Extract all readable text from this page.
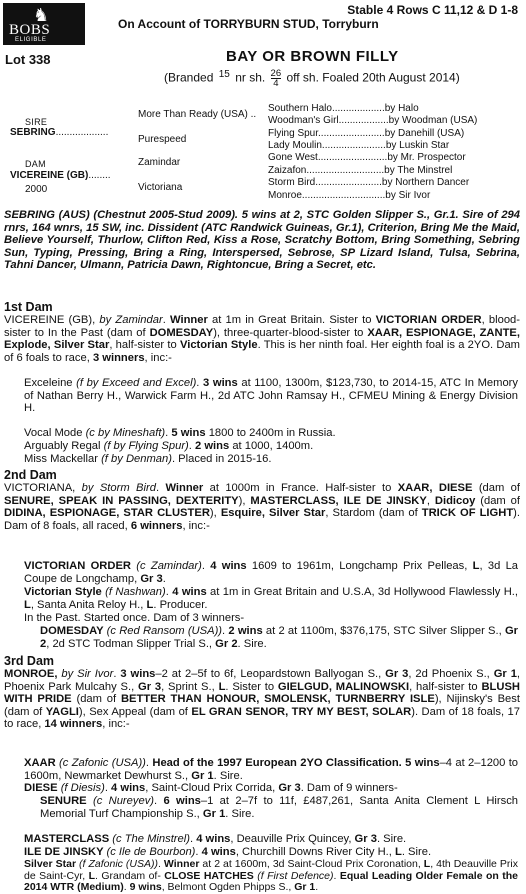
♞
BOBS
ELIGIBLE
Stable 4 Rows C 11,12 & D 1-8
On Account of TORRYBURN STUD, Torryburn
Lot 338	BAY OR BROWN FILLY
(Branded 15
nr sh. $\frac{26}{4}$ off sh. Foaled 20th August 2014)
SIRE
SEBRING...................
DAM
VICEREINE (GB)........
2000
More Than Ready (USA) ..
Purespeed
Zamindar
Victoriana
Southern Halo...................by Halo
Woodman's Girl..................by Woodman (USA)
Flying Spur........................by Danehill (USA)
Lady Moulin.......................by Luskin Star
Gone West.........................by Mr. Prospector
Zaizafon............................by The Minstrel
Storm Bird........................by Northern Dancer
Monroe..............................by Sir Ivor
SEBRING (AUS) (Chestnut 2005-Stud 2009). 5 wins at 2, STC Golden Slipper S., Gr.1. Sire of 294 rnrs, 164 wnrs, 15 SW, inc. Dissident (ATC Randwick Guineas, Gr.1), Criterion, Bring Me the Maid, Believe Yourself, Thurlow, Clifton Red, Kiss a Rose, Scratchy Bottom, Bring Something, Sebring Sun, Typing, Pressing, Bring a Ring, Interspersed, Sebrose, SP Lizard Island, Tulsa, Sebrina, Tahni Dancer, Ulmann, Patricia Dawn, Rightoncue, Bring a Secret, etc.
1st Dam
VICEREINE (GB), by Zamindar. Winner at 1m in Great Britain. Sister to VICTORIAN ORDER, blood-sister to In the Past (dam of DOMESDAY), three-quarter-blood-sister to XAAR, ESPIONAGE, ZANTE, Explode, Silver Star, half-sister to Victorian Style. This is her ninth foal. Her eighth foal is a 2YO. Dam of 6 foals to race, 3 winners, inc:-
Exceleine (f by Exceed and Excel). 3 wins at 1100, 1300m, $123,730, to 2014-15, ATC In Memory of Nathan Berry H., Warwick Farm H., 2d ATC John Ramsay H., CFMEU Mining & Energy Division H.
Vocal Mode (c by Mineshaft). 5 wins 1800 to 2400m in Russia.
Arguably Regal (f by Flying Spur). 2 wins at 1000, 1400m.
Miss Mackellar (f by Denman). Placed in 2015-16.
2nd Dam
VICTORIANA, by Storm Bird. Winner at 1000m in France. Half-sister to XAAR, DIESE (dam of SENURE, SPEAK IN PASSING, DEXTERITY), MASTERCLASS, ILE DE JINSKY, Didicoy (dam of DIDINA, ESPIONAGE, STAR CLUSTER), Esquire, Silver Star, Stardom (dam of TRICK OF LIGHT). Dam of 8 foals, all raced, 6 winners, inc:-
VICTORIAN ORDER (c Zamindar). 4 wins 1609 to 1961m, Longchamp Prix Pelleas, L, 3d La Coupe de Longchamp, Gr 3.
Victorian Style (f Nashwan). 4 wins at 1m in Great Britain and U.S.A, 3d Hollywood Flawlessly H., L, Santa Anita Reloy H., L. Producer.
In the Past. Started once. Dam of 3 winners-
DOMESDAY (c Red Ransom (USA)). 2 wins at 2 at 1100m, $376,175, STC Silver Slipper S., Gr 2, 2d STC Todman Slipper Trial S., Gr 2. Sire.
3rd Dam
MONROE, by Sir Ivor. 3 wins–2 at 2–5f to 6f, Leopardstown Ballyogan S., Gr 3, 2d Phoenix S., Gr 1, Phoenix Park Mulcahy S., Gr 3, Sprint S., L. Sister to GIELGUD, MALINOWSKI, half-sister to BLUSH WITH PRIDE (dam of BETTER THAN HONOUR, SMOLENSK, TURNBERRY ISLE), Nijinsky's Best (dam of YAGLI), Sex Appeal (dam of EL GRAN SENOR, TRY MY BEST, SOLAR). Dam of 18 foals, 17 to race, 14 winners, inc:-
XAAR (c Zafonic (USA)). Head of the 1997 European 2YO Classification. 5 wins–4 at 2–1200 to 1600m, Newmarket Dewhurst S., Gr 1. Sire.
DIESE (f Diesis). 4 wins, Saint-Cloud Prix Corrida, Gr 3. Dam of 9 winners-
SENURE (c Nureyev). 6 wins–1 at 2–7f to 11f, £487,261, Santa Anita Clement L Hirsch Memorial Turf Championship S., Gr 1. Sire.
MASTERCLASS (c The Minstrel). 4 wins, Deauville Prix Quincey, Gr 3. Sire.
ILE DE JINSKY (c Ile de Bourbon). 4 wins, Churchill Downs River City H., L. Sire.
Silver Star (f Zafonic (USA)). Winner at 2 at 1600m, 3d Saint-Cloud Prix Coronation, L, 4th Deauville Prix de Saint-Cyr, L. Grandam of- CLOSE HATCHES (f First Defence). Equal Leading Older Female on the 2014 WTR (Medium). 9 wins, Belmont Ogden Phipps S., Gr 1.
